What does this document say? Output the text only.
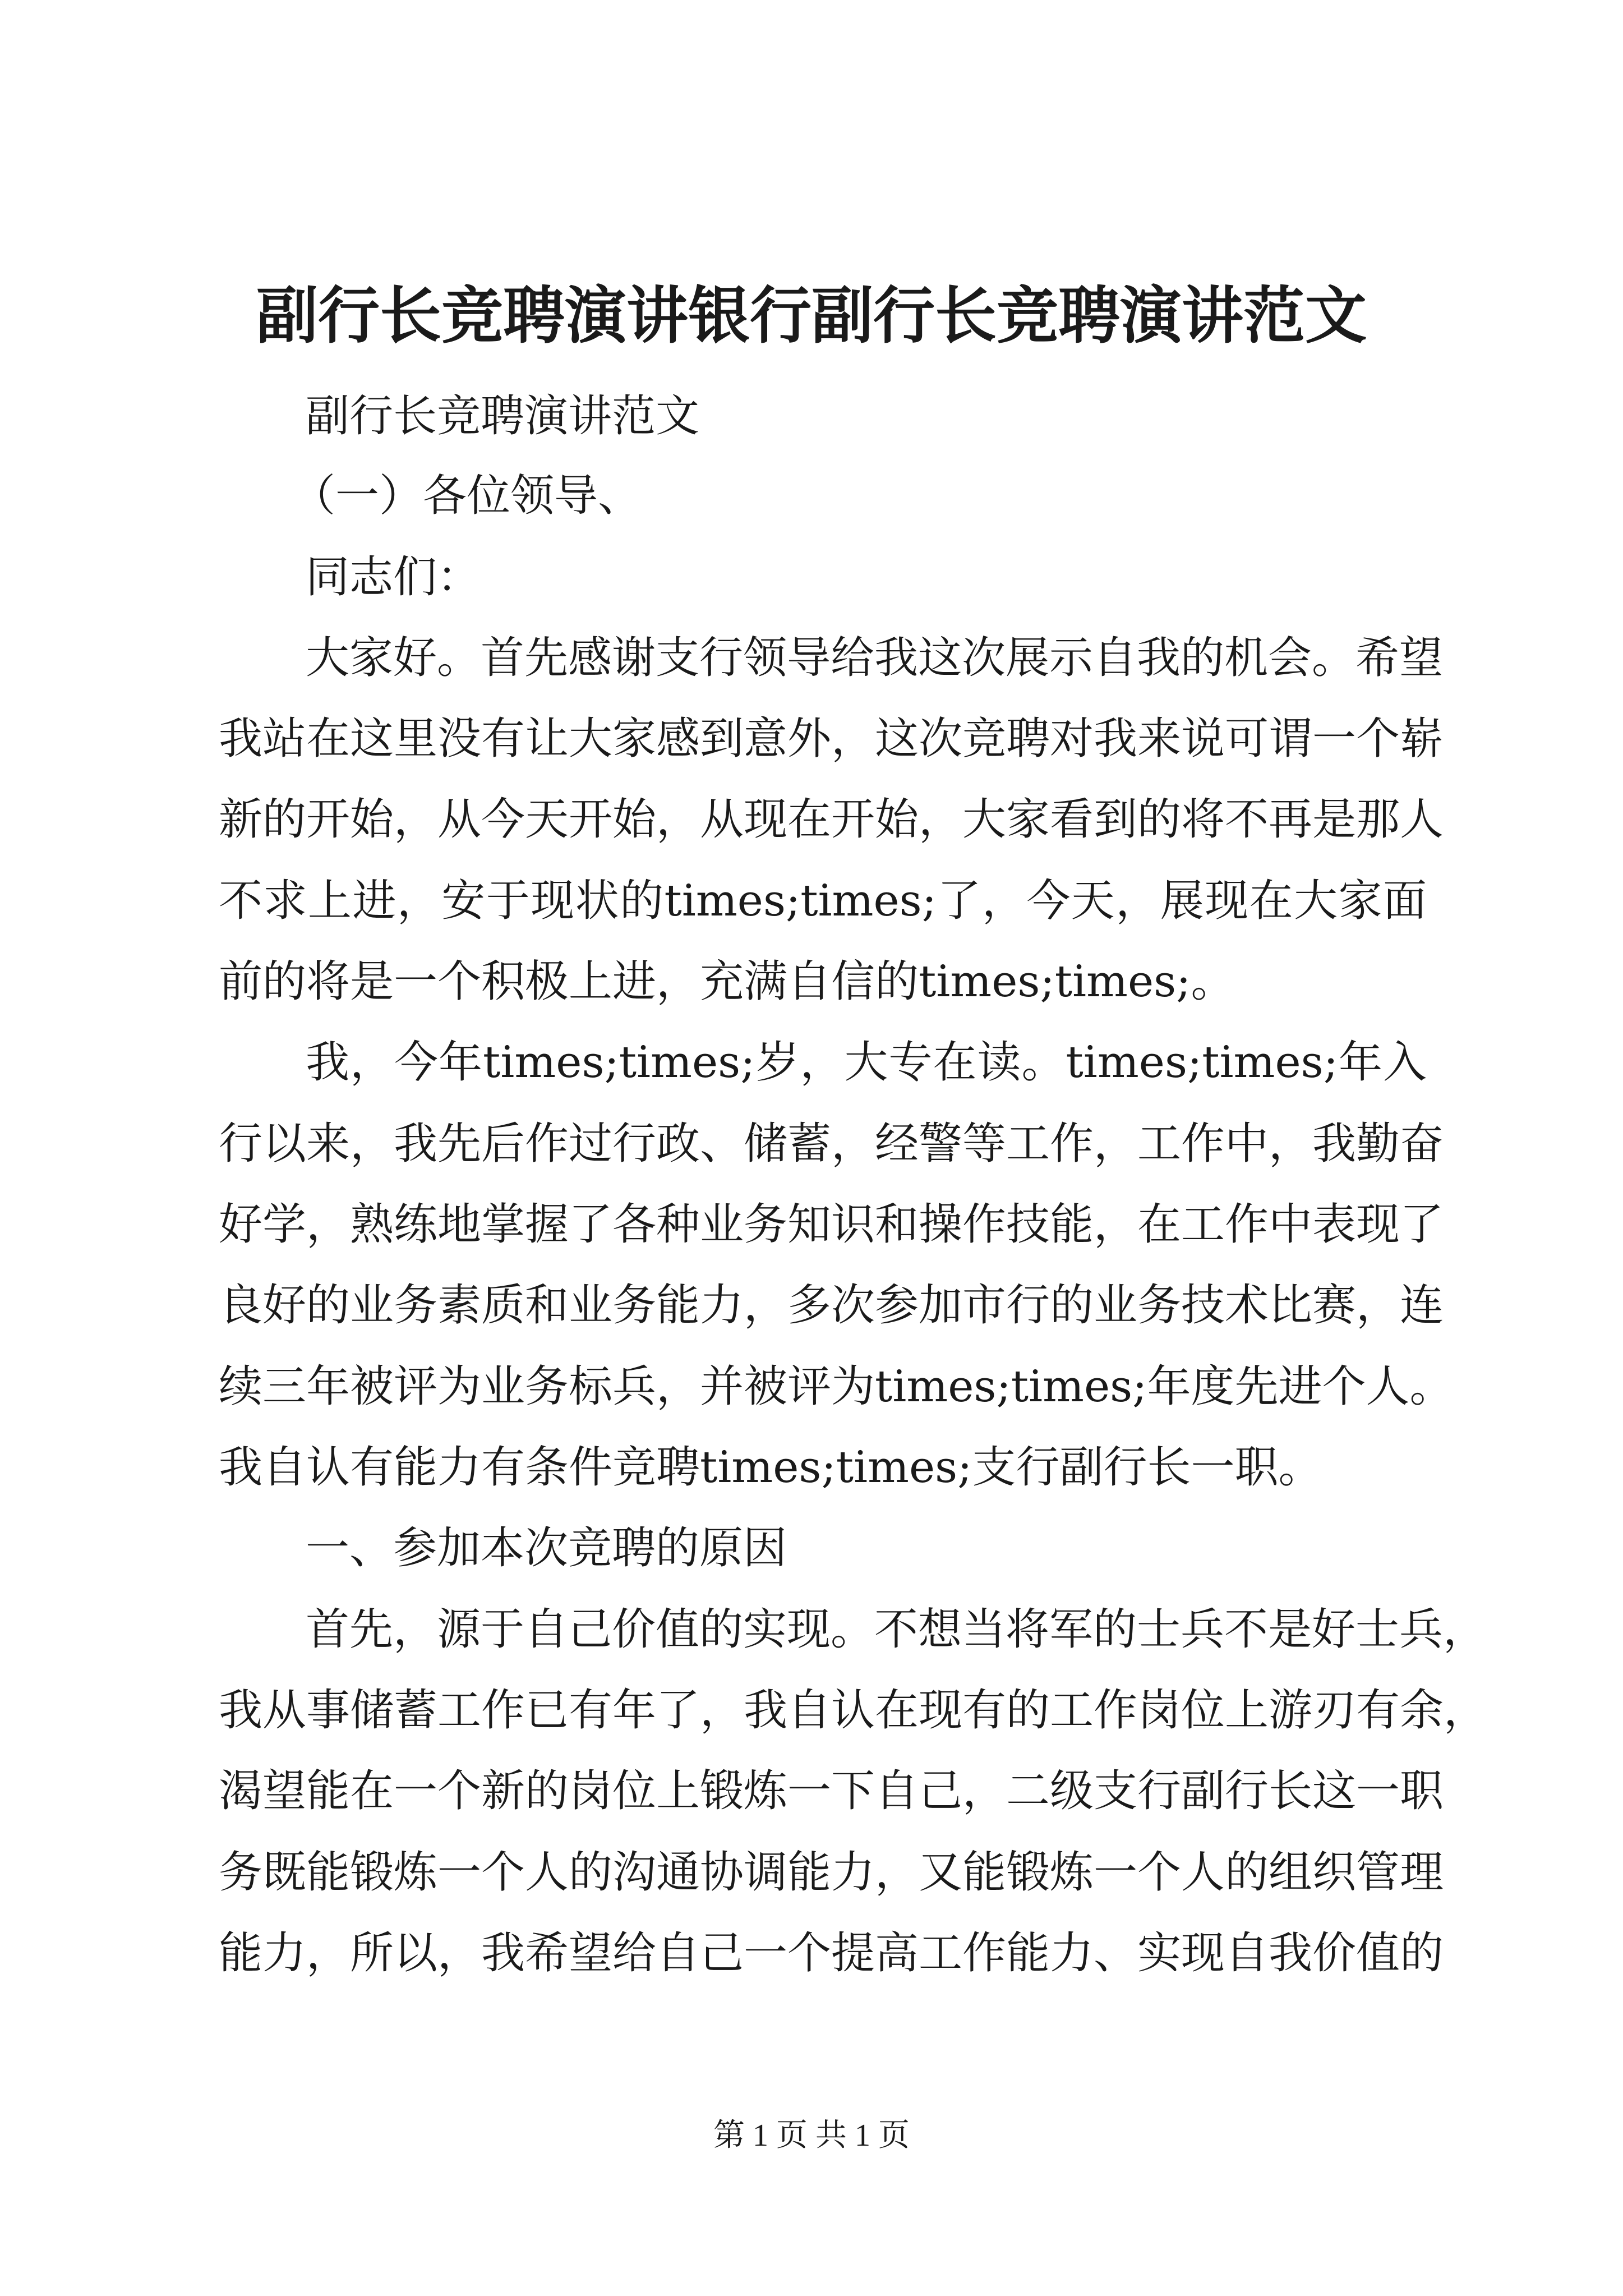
副行长竞聘演讲银行副行长竞聘演讲范文

副行长竞聘演讲范文

（一）各位领导、

同志们：

大家好。首先感谢支行领导给我这次展示自我的机会。希望

我站在这里没有让大家感到意外，这次竞聘对我来说可谓一个崭

新的开始，从今天开始，从现在开始，大家看到的将不再是那人

不求上进，安于现状的times;times;了，今天，展现在大家面

前的将是一个积极上进，充满自信的times;times;。

我，今年times;times;岁，大专在读。times;times;年入

行以来，我先后作过行政、储蓄，经警等工作，工作中，我勤奋

好学，熟练地掌握了各种业务知识和操作技能，在工作中表现了

良好的业务素质和业务能力，多次参加市行的业务技术比赛，连

续三年被评为业务标兵，并被评为times;times;年度先进个人。

我自认有能力有条件竞聘times;times;支行副行长一职。

一、参加本次竞聘的原因

首先，源于自己价值的实现。不想当将军的士兵不是好士兵，

我从事储蓄工作已有年了，我自认在现有的工作岗位上游刃有余，

渴望能在一个新的岗位上锻炼一下自己，二级支行副行长这一职

务既能锻炼一个人的沟通协调能力，又能锻炼一个人的组织管理

能力，所以，我希望给自己一个提高工作能力、实现自我价值的

第 1 页 共 1 页
